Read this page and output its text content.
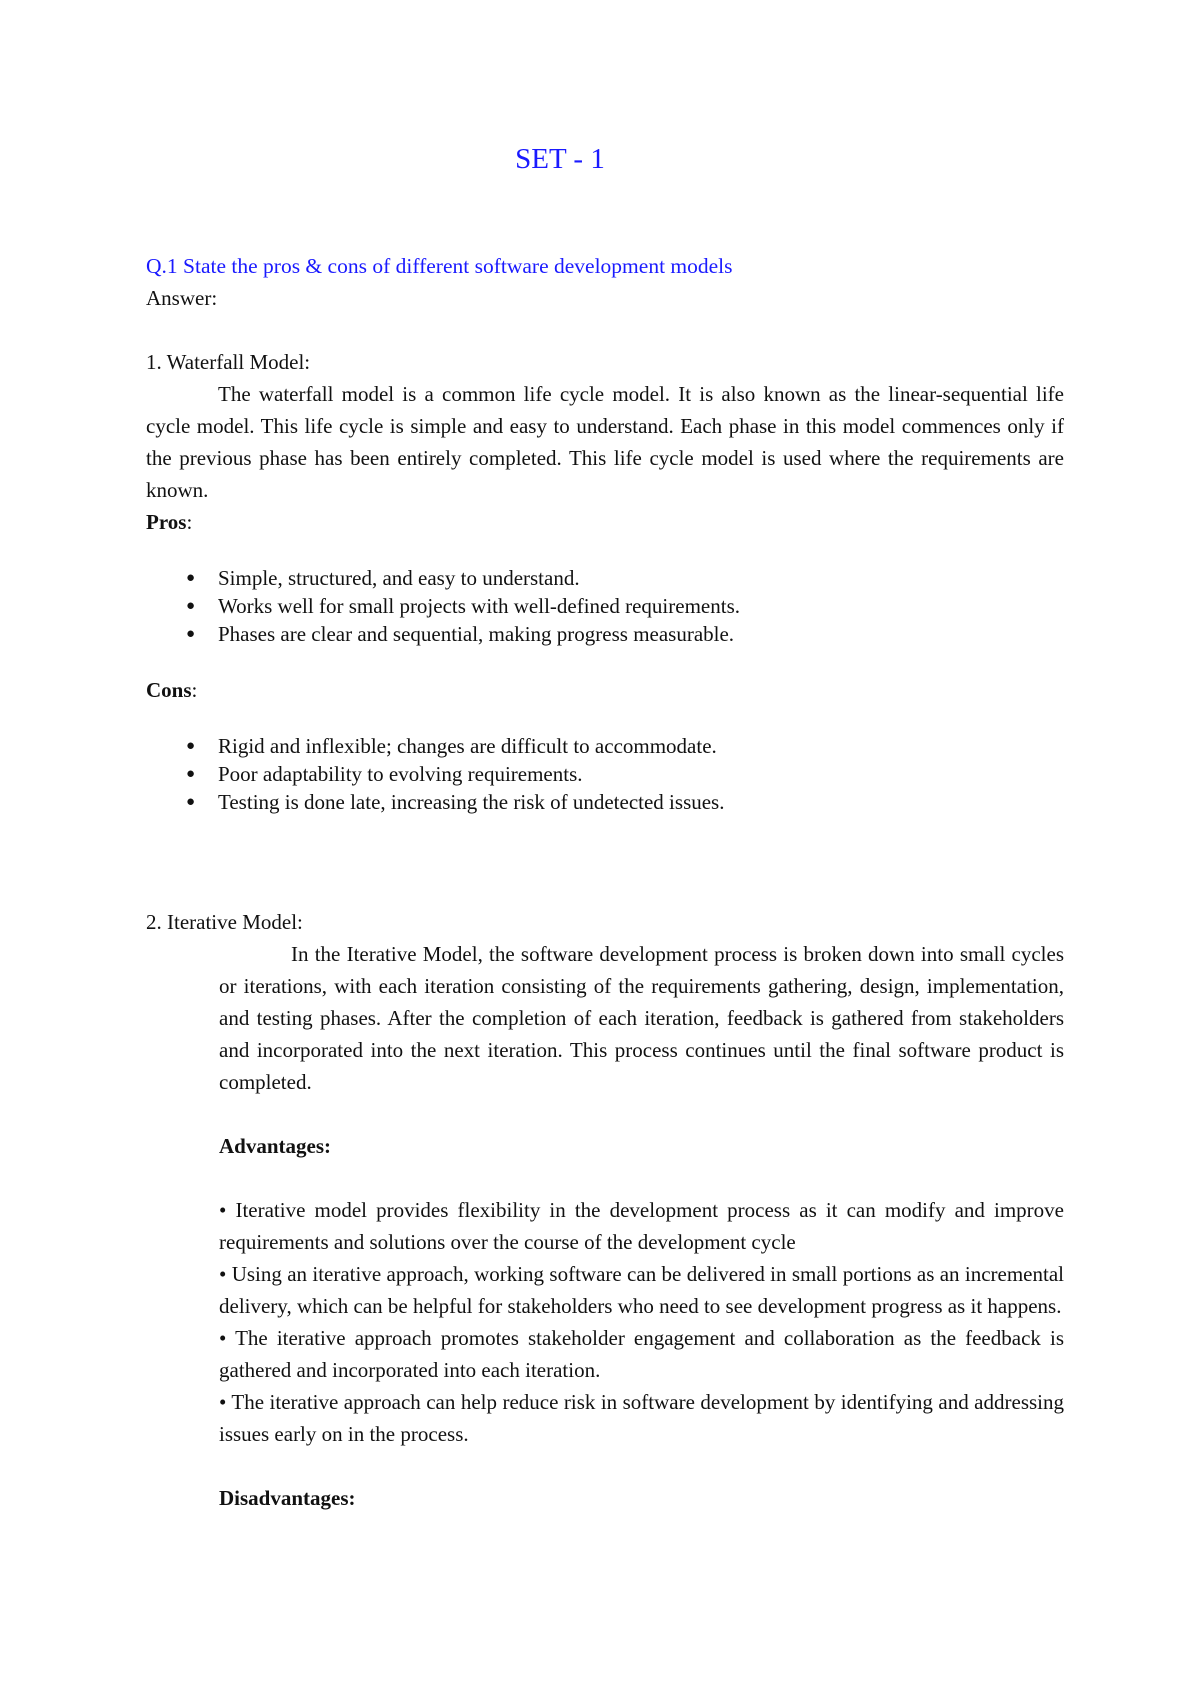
SET - 1

Q.1 State the pros & cons of different software development models

Answer:

1. Waterfall Model:

The waterfall model is a common life cycle model. It is also known as the linear-sequential life cycle model. This life cycle is simple and easy to understand. Each phase in this model commences only if the previous phase has been entirely completed. This life cycle model is used where the requirements are known.

Pros:

● Simple, structured, and easy to understand.
● Works well for small projects with well-defined requirements.
● Phases are clear and sequential, making progress measurable.

Cons:

● Rigid and inflexible; changes are difficult to accommodate.
● Poor adaptability to evolving requirements.
● Testing is done late, increasing the risk of undetected issues.

2. Iterative Model:

In the Iterative Model, the software development process is broken down into small cycles or iterations, with each iteration consisting of the requirements gathering, design, implementation, and testing phases. After the completion of each iteration, feedback is gathered from stakeholders and incorporated into the next iteration. This process continues until the final software product is completed.

Advantages:

• Iterative model provides flexibility in the development process as it can modify and improve requirements and solutions over the course of the development cycle

• Using an iterative approach, working software can be delivered in small portions as an incremental delivery, which can be helpful for stakeholders who need to see development progress as it happens.

• The iterative approach promotes stakeholder engagement and collaboration as the feedback is gathered and incorporated into each iteration.

• The iterative approach can help reduce risk in software development by identifying and addressing issues early on in the process.

Disadvantages:
